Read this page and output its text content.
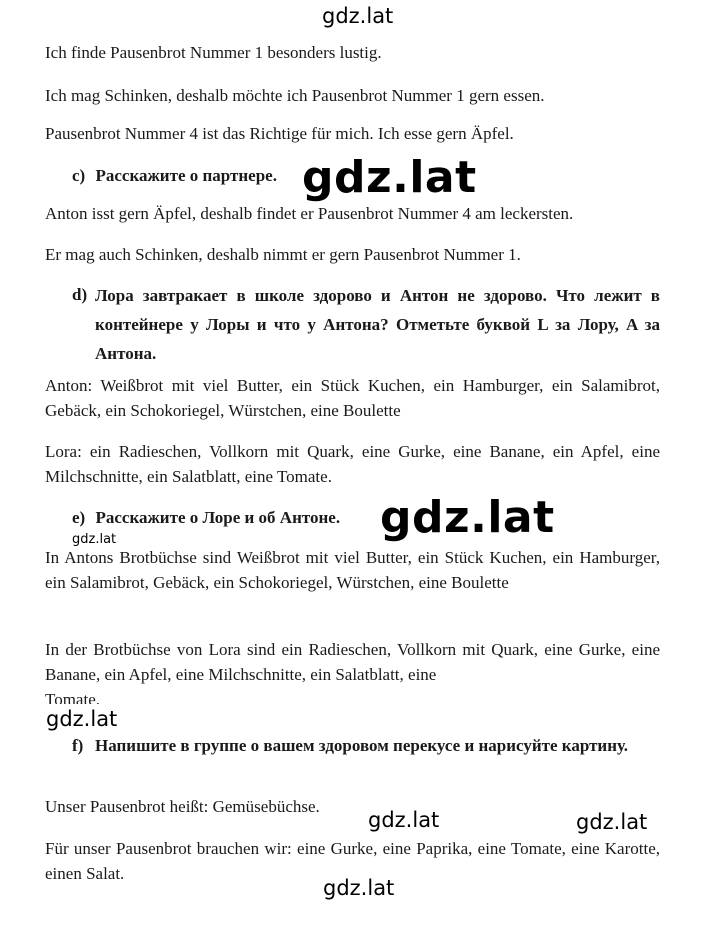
gdz.lat
gdz.lat
gdz.lat
gdz.lat
gdz.lat
gdz.lat	gdz.lat
gdz.lat
Ich finde Pausenbrot Nummer 1 besonders lustig.
Ich mag Schinken, deshalb möchte ich Pausenbrot Nummer 1 gern essen.
Pausenbrot Nummer 4 ist das Richtige für mich. Ich esse gern Äpfel.
c) Расскажите о партнере.
Anton isst gern Äpfel, deshalb findet er Pausenbrot Nummer 4 am leckersten.
Er mag auch Schinken, deshalb nimmt er gern Pausenbrot Nummer 1.
d) Лора завтракает в школе здорово и Антон не здорово. Что лежит в контейнере у Лоры и что у Антона? Отметьте буквой L за Лору, A за Антона.
Anton: Weißbrot mit viel Butter, ein Stück Kuchen, ein Hamburger, ein Salamibrot, Gebäck, ein Schokoriegel, Würstchen, eine Boulette
Lora: ein Radieschen, Vollkorn mit Quark, eine Gurke, eine Banane, ein Apfel, eine Milchschnitte, ein Salatblatt, eine Tomate.
e) Расскажите о Лоре и об Антоне.
In Antons Brotbüchse sind Weißbrot mit viel Butter, ein Stück Kuchen, ein Hamburger, ein Salamibrot, Gebäck, ein Schokoriegel, Würstchen, eine Boulette
In der Brotbüchse von Lora sind ein Radieschen, Vollkorn mit Quark, eine Gurke, eine Banane, ein Apfel, eine Milchschnitte, ein Salatblatt, eine
Tomate.
f) Напишите в группе о вашем здоровом перекусе и нарисуйте картину.
Unser Pausenbrot heißt: Gemüsebüchse.
Für unser Pausenbrot brauchen wir: eine Gurke, eine Paprika, eine Tomate, eine Karotte, einen Salat.
